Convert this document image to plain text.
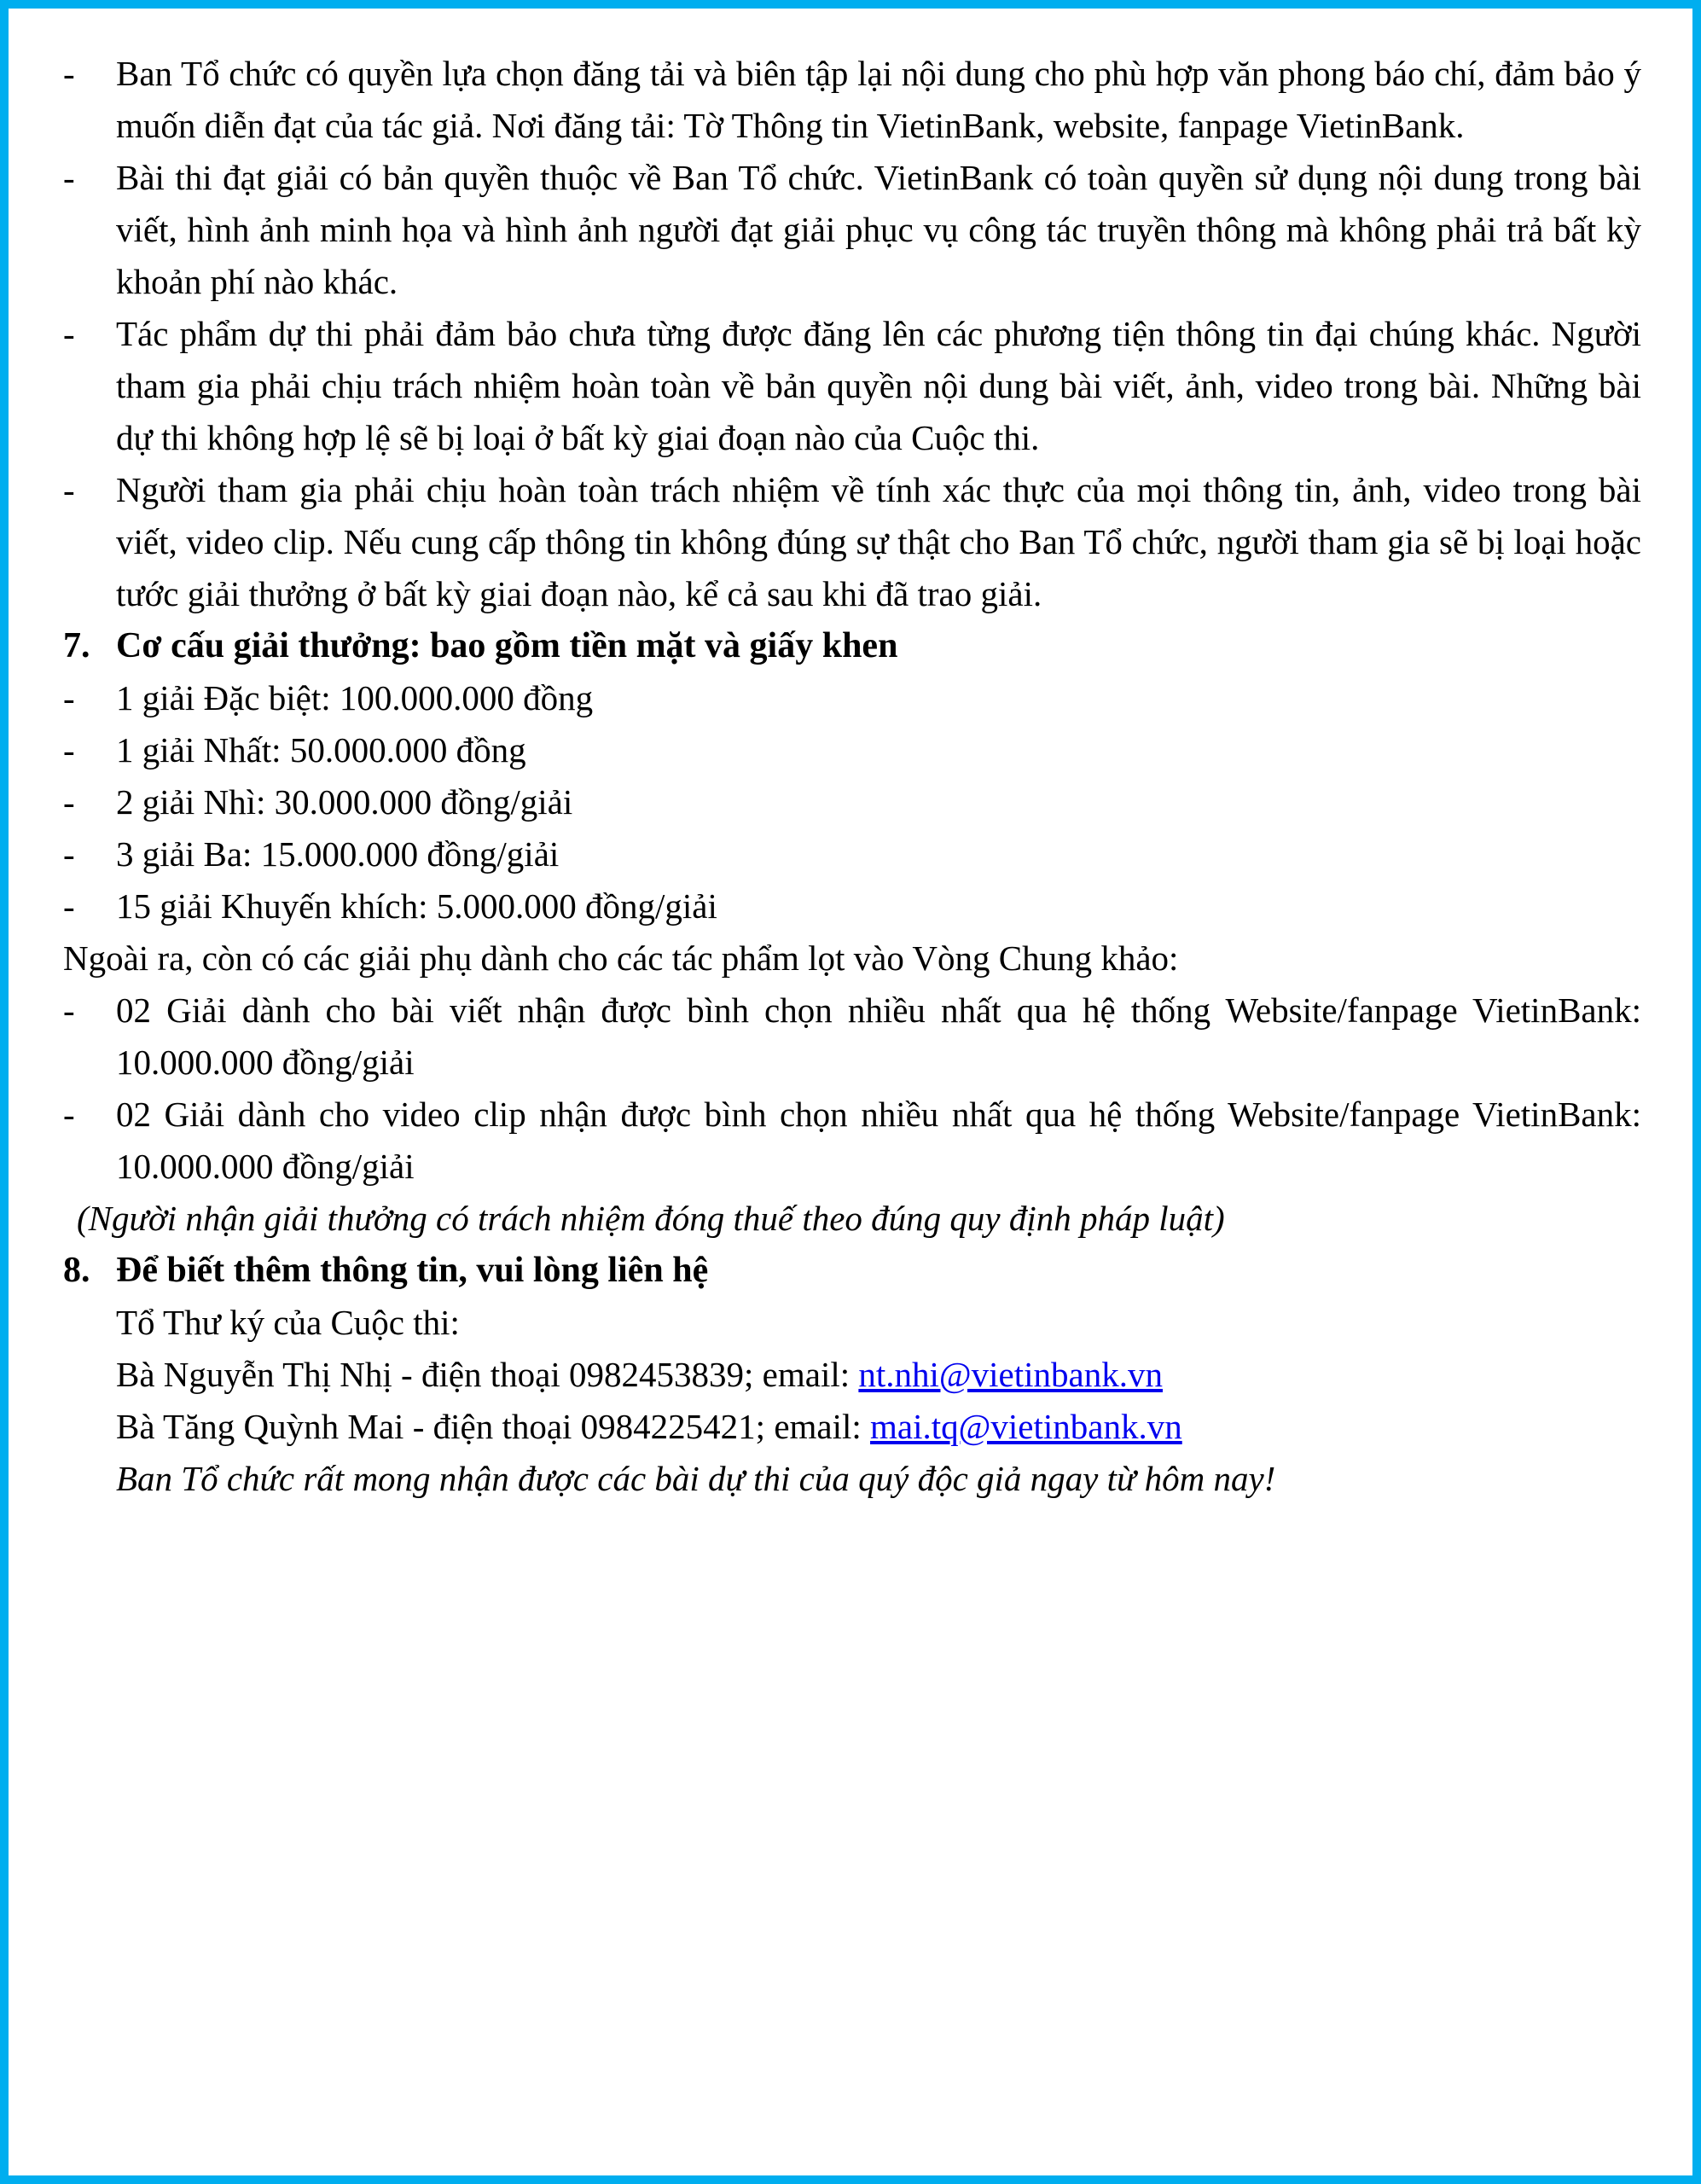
-	Ban Tổ chức có quyền lựa chọn đăng tải và biên tập lại nội dung cho phù hợp văn phong báo chí, đảm bảo ý muốn diễn đạt của tác giả. Nơi đăng tải: Tờ Thông tin VietinBank, website, fanpage VietinBank.

-	Bài thi đạt giải có bản quyền thuộc về Ban Tổ chức. VietinBank có toàn quyền sử dụng nội dung trong bài viết, hình ảnh minh họa và hình ảnh người đạt giải phục vụ công tác truyền thông mà không phải trả bất kỳ khoản phí nào khác.

-	Tác phẩm dự thi phải đảm bảo chưa từng được đăng lên các phương tiện thông tin đại chúng khác. Người tham gia phải chịu trách nhiệm hoàn toàn về bản quyền nội dung bài viết, ảnh, video trong bài. Những bài dự thi không hợp lệ sẽ bị loại ở bất kỳ giai đoạn nào của Cuộc thi.

-	Người tham gia phải chịu hoàn toàn trách nhiệm về tính xác thực của mọi thông tin, ảnh, video trong bài viết, video clip. Nếu cung cấp thông tin không đúng sự thật cho Ban Tổ chức, người tham gia sẽ bị loại hoặc tước giải thưởng ở bất kỳ giai đoạn nào, kể cả sau khi đã trao giải.

7. Cơ cấu giải thưởng: bao gồm tiền mặt và giấy khen

-	1 giải Đặc biệt: 100.000.000 đồng

-	1 giải Nhất: 50.000.000 đồng

-	2 giải Nhì: 30.000.000 đồng/giải

-	3 giải Ba: 15.000.000 đồng/giải

-	15 giải Khuyến khích: 5.000.000 đồng/giải

Ngoài ra, còn có các giải phụ dành cho các tác phẩm lọt vào Vòng Chung khảo:

-	02 Giải dành cho bài viết nhận được bình chọn nhiều nhất qua hệ thống Website/fanpage VietinBank: 10.000.000 đồng/giải

-	02 Giải dành cho video clip nhận được bình chọn nhiều nhất qua hệ thống Website/fanpage VietinBank: 10.000.000 đồng/giải

(Người nhận giải thưởng có trách nhiệm đóng thuế theo đúng quy định pháp luật)

8. Để biết thêm thông tin, vui lòng liên hệ

Tổ Thư ký của Cuộc thi:

Bà Nguyễn Thị Nhị - điện thoại 0982453839; email: nt.nhi@vietinbank.vn

Bà Tăng Quỳnh Mai - điện thoại 0984225421; email: mai.tq@vietinbank.vn

Ban Tổ chức rất mong nhận được các bài dự thi của quý độc giả ngay từ hôm nay!
